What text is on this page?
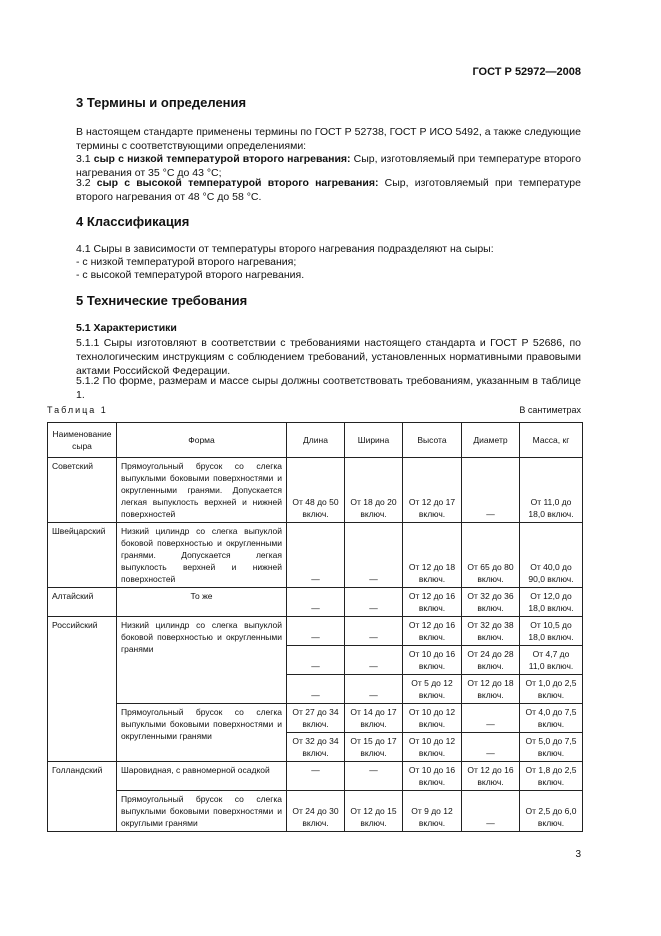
ГОСТ Р 52972—2008
3 Термины и определения
В настоящем стандарте применены термины по ГОСТ Р 52738, ГОСТ Р ИСО 5492, а также следующие термины с соответствующими определениями:
3.1 сыр с низкой температурой второго нагревания: Сыр, изготовляемый при температуре второго нагревания от 35 °С до 43 °С;
3.2 сыр с высокой температурой второго нагревания: Сыр, изготовляемый при температуре второго нагревания от 48 °С до 58 °С.
4 Классификация
4.1 Сыры в зависимости от температуры второго нагревания подразделяют на сыры:
- с низкой температурой второго нагревания;
- с высокой температурой второго нагревания.
5 Технические требования
5.1 Характеристики
5.1.1 Сыры изготовляют в соответствии с требованиями настоящего стандарта и ГОСТ Р 52686, по технологическим инструкциям с соблюдением требований, установленных нормативными правовыми актами Российской Федерации.
5.1.2 По форме, размерам и массе сыры должны соответствовать требованиям, указанным в таблице 1.
Таблица 1	В сантиметрах
Наименование сыра	Форма	Длина	Ширина	Высота	Диаметр	Масса, кг
Советский	Прямоугольный брусок со слегка выпуклыми боковыми поверхностями и округленными гранями. Допускается легкая выпуклость верхней и нижней поверхностей	От 48 до 50 включ.	От 18 до 20 включ.	От 12 до 17 включ.	—	От 11,0 до 18,0 включ.
Швейцарский	Низкий цилиндр со слегка выпуклой боковой поверхностью и округленными гранями. Допускается легкая выпуклость верхней и нижней поверхностей	—	—	От 12 до 18 включ.	От 65 до 80 включ.	От 40,0 до 90,0 включ.
Алтайский	То же	—	—	От 12 до 16 включ.	От 32 до 36 включ.	От 12,0 до 18,0 включ.
Российский	Низкий цилиндр со слегка выпуклой боковой поверхностью и округленными гранями	—	—	От 12 до 16 включ.	От 32 до 38 включ.	От 10,5 до 18,0 включ.
		—	—	От 10 до 16 включ.	От 24 до 28 включ.	От 4,7 до 11,0 включ.
		—	—	От 5 до 12 включ.	От 12 до 18 включ.	От 1,0 до 2,5 включ.
	Прямоугольный брусок со слегка выпуклыми боковыми поверхностями и округленными гранями	От 27 до 34 включ.	От 14 до 17 включ.	От 10 до 12 включ.	—	От 4,0 до 7,5 включ.
		От 32 до 34 включ.	От 15 до 17 включ.	От 10 до 12 включ.	—	От 5,0 до 7,5 включ.
Голландский	Шаровидная, с равномерной осадкой	—	—	От 10 до 16 включ.	От 12 до 16 включ.	От 1,8 до 2,5 включ.
	Прямоугольный брусок со слегка выпуклыми боковыми поверхностями и округлыми гранями	От 24 до 30 включ.	От 12 до 15 включ.	От 9 до 12 включ.	—	От 2,5 до 6,0 включ.
3
